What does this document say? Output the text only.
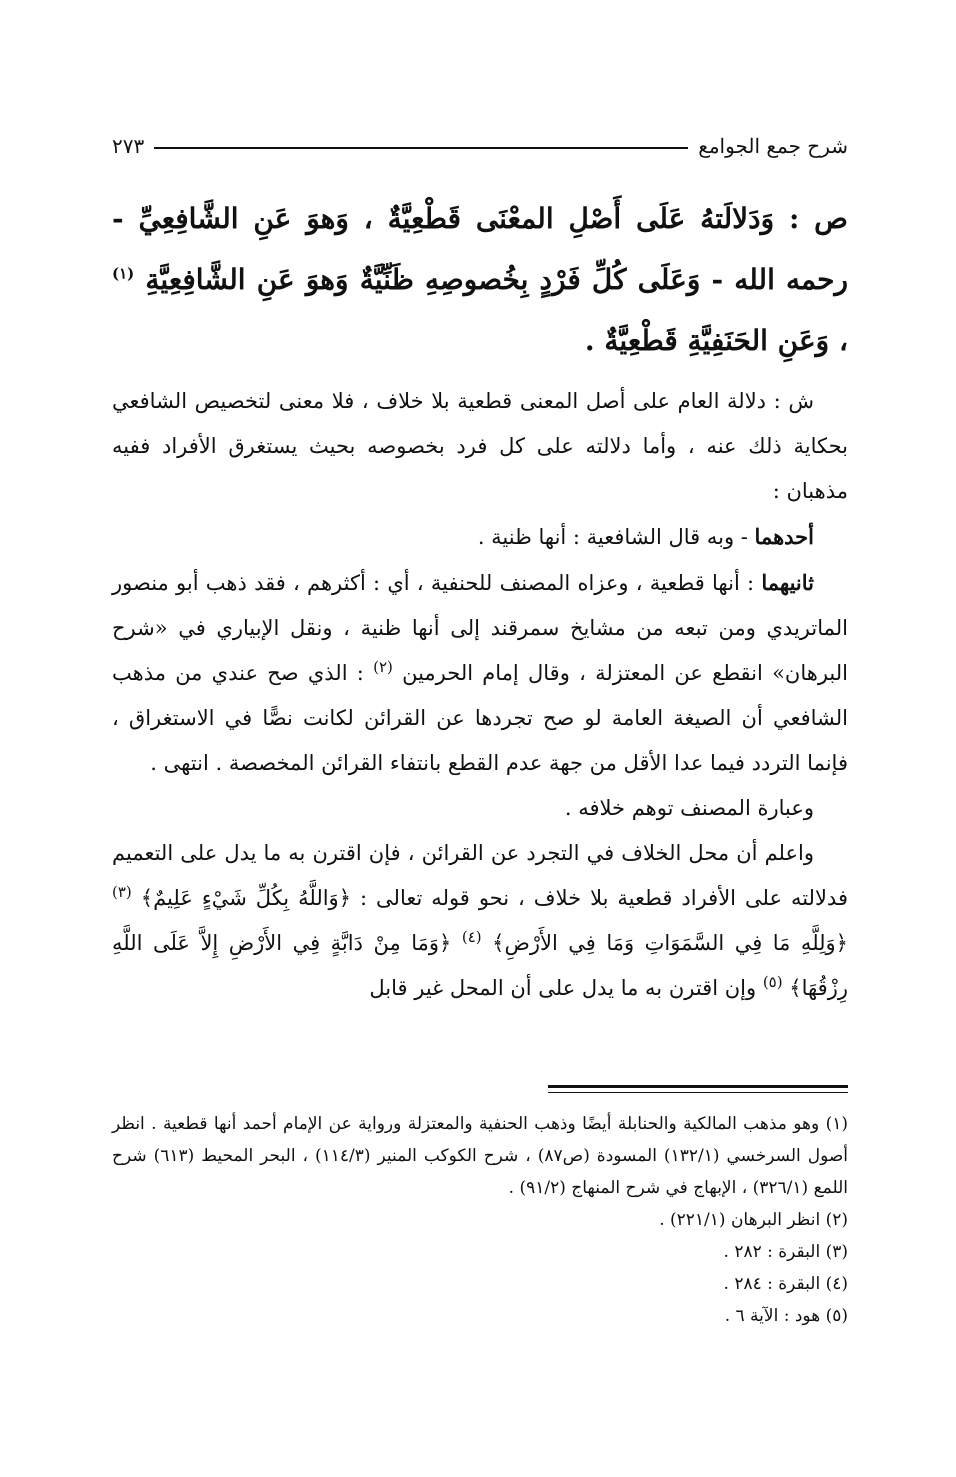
شرح جمع الجوامع
٢٧٣

ص : وَدَلالَتهُ عَلَى أَصْلِ المعْنَى قَطْعِيَّةٌ ، وَهوَ عَنِ الشَّافِعِيِّ - رحمه الله - وَعَلَى كُلِّ فَرْدٍ بِخُصوصِهِ ظَنِّيَّةٌ وَهوَ عَنِ الشَّافِعِيَّةِ $^{(١)}$ ، وَعَنِ الحَنَفِيَّةِ قَطْعِيَّةٌ .

ش : دلالة العام على أصل المعنى قطعية بلا خلاف ، فلا معنى لتخصيص الشافعي بحكاية ذلك عنه ، وأما دلالته على كل فرد بخصوصه بحيث يستغرق الأفراد ففيه مذهبان :

أحدهما - وبه قال الشافعية : أنها ظنية .

ثانيهما : أنها قطعية ، وعزاه المصنف للحنفية ، أي : أكثرهم ، فقد ذهب أبو منصور الماتريدي ومن تبعه من مشايخ سمرقند إلى أنها ظنية ، ونقل الإبياري في «شرح البرهان» انقطع عن المعتزلة ، وقال إمام الحرمين $^{(٢)}$ : الذي صح عندي من مذهب الشافعي أن الصيغة العامة لو صح تجردها عن القرائن لكانت نصًّا في الاستغراق ، فإنما التردد فيما عدا الأقل من جهة عدم القطع بانتفاء القرائن المخصصة . انتهى .

وعبارة المصنف توهم خلافه .

واعلم أن محل الخلاف في التجرد عن القرائن ، فإن اقترن به ما يدل على التعميم فدلالته على الأفراد قطعية بلا خلاف ، نحو قوله تعالى : ﴿وَاللَّهُ بِكُلِّ شَيْءٍ عَلِيمٌ﴾ $^{(٣)}$ ﴿وَلِلَّهِ مَا فِي السَّمَوَاتِ وَمَا فِي الأَرْضِ﴾ $^{(٤)}$ ﴿وَمَا مِنْ دَابَّةٍ فِي الأَرْضِ إِلاَّ عَلَى اللَّهِ رِزْقُهَا﴾ $^{(٥)}$ وإن اقترن به ما يدل على أن المحل غير قابل

(١) وهو مذهب المالكية والحنابلة أيضًا وذهب الحنفية والمعتزلة ورواية عن الإمام أحمد أنها قطعية . انظر أصول السرخسي (١٣٢/١) المسودة (ص٨٧) ، شرح الكوكب المنير (١١٤/٣) ، البحر المحيط (٦١٣) شرح اللمع (٣٢٦/١) ، الإبهاج في شرح المنهاج (٩١/٢) .

(٢) انظر البرهان (٢٢١/١) .

(٣) البقرة : ٢٨٢ .

(٤) البقرة : ٢٨٤ .

(٥) هود : الآية ٦ .
